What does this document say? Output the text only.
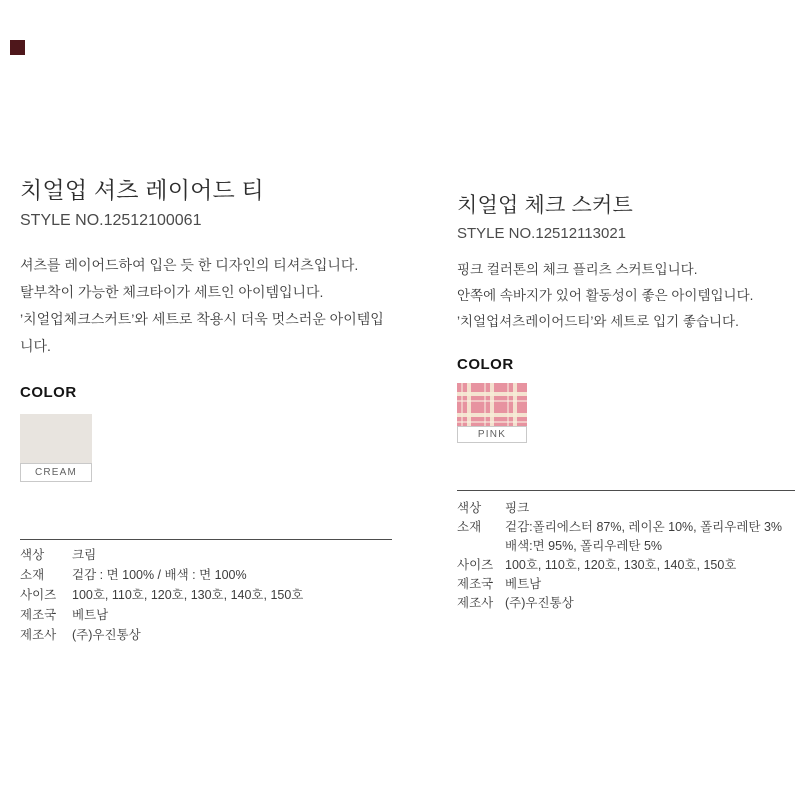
치얼업 셔츠 레이어드 티
STYLE NO.12512100061
셔츠를 레이어드하여 입은 듯 한 디자인의 티셔츠입니다.
탈부착이 가능한 체크타이가 세트인 아이템입니다.
’치얼업체크스커트’와 세트로 착용시 더욱 멋스러운 아이템입니다.
COLOR
CREAM
색상	크림
소재	겉감 : 면 100% / 배색 : 면 100%
사이즈	100호, 110호, 120호, 130호, 140호, 150호
제조국	베트남
제조사	(주)우진통상
치얼업 체크 스커트
STYLE NO.12512113021
핑크 컬러톤의 체크 플리츠 스커트입니다.
안쪽에 속바지가 있어 활동성이 좋은 아이템입니다.
’치얼업셔츠레이어드티’와 세트로 입기 좋습니다.
COLOR
PINK
색상	핑크
소재	겉감:폴리에스터 87%, 레이온 10%, 폴리우레탄 3%
배색:면 95%, 폴리우레탄 5%
사이즈 100호, 110호, 120호, 130호, 140호, 150호
제조국 베트남
제조사 (주)우진통상
